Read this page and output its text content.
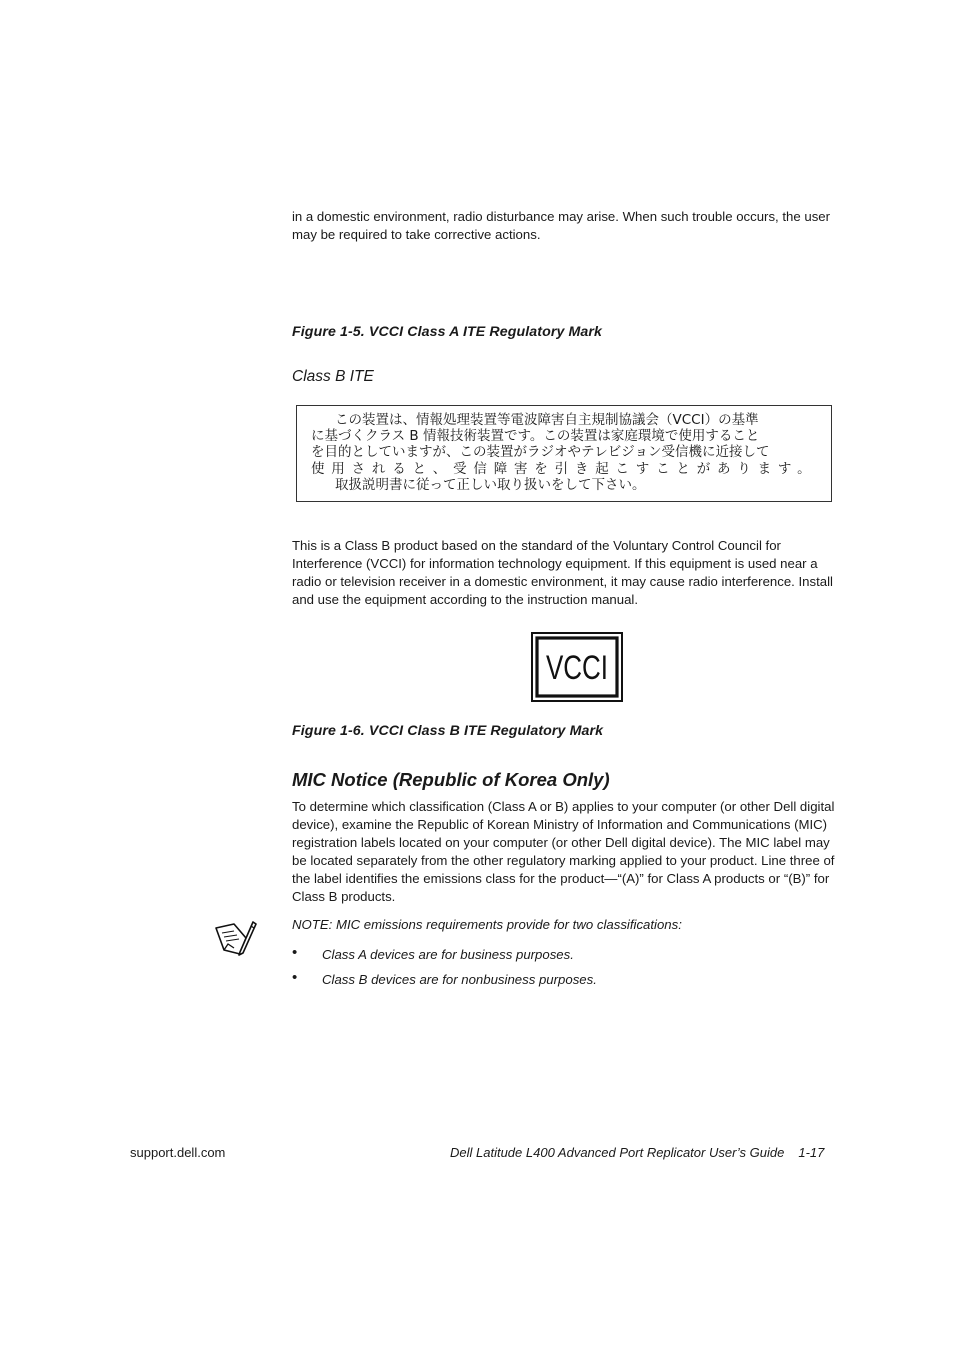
in a domestic environment, radio disturbance may arise. When such trouble occurs, the user may be required to take corrective actions.
Figure 1-5. VCCI Class A ITE Regulatory Mark
Class B ITE
この装置は、情報処理装置等電波障害自主規制協議会（VCCI）の基準
に基づくクラス B 情報技術装置です。この装置は家庭環境で使用すること
を目的としていますが、この装置がラジオやテレビジョン受信機に近接して
使用されると、受信障害を引き起こすことがあります。
取扱説明書に従って正しい取り扱いをして下さい。
This is a Class B product based on the standard of the Voluntary Control Council for Interference (VCCI) for information technology equipment. If this equipment is used near a radio or television receiver in a domestic environment, it may cause radio interference. Install and use the equipment according to the instruction manual.
VCCI
Figure 1-6. VCCI Class B ITE Regulatory Mark
MIC Notice (Republic of Korea Only)
To determine which classification (Class A or B) applies to your computer (or other Dell digital device), examine the Republic of Korean Ministry of Information and Communications (MIC) registration labels located on your computer (or other Dell digital device). The MIC label may be located separately from the other regulatory marking applied to your product. Line three of the label identifies the emissions class for the product—“(A)” for Class A products or “(B)” for Class B products.
NOTE: MIC emissions requirements provide for two classifications:
• Class A devices are for business purposes.
• Class B devices are for nonbusiness purposes.
support.dell.com	Dell Latitude L400 Advanced Port Replicator User’s Guide 1-17
